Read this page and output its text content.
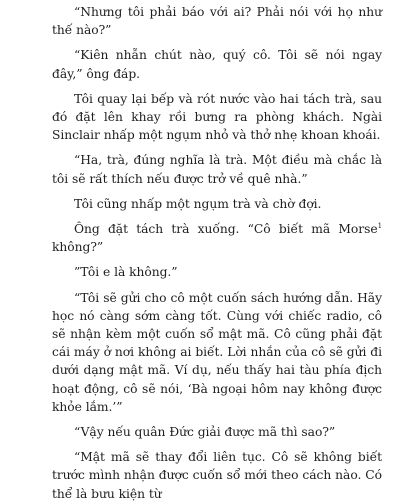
“Nhưng tôi phải báo với ai? Phải nói với họ như thế nào?”

“Kiên nhẫn chút nào, quý cô. Tôi sẽ nói ngay đây,” ông đáp.

Tôi quay lại bếp và rót nước vào hai tách trà, sau đó đặt lên khay rồi bưng ra phòng khách. Ngài Sinclair nhấp một ngụm nhỏ và thở nhẹ khoan khoái.

“Ha, trà, đúng nghĩa là trà. Một điều mà chắc là tôi sẽ rất thích nếu được trở về quê nhà.”

Tôi cũng nhấp một ngụm trà và chờ đợi.

Ông đặt tách trà xuống. “Cô biết mã Morse$^1$ không?”

”Tôi e là không.”

“Tôi sẽ gửi cho cô một cuốn sách hướng dẫn. Hãy học nó càng sớm càng tốt. Cùng với chiếc radio, cô sẽ nhận kèm một cuốn sổ mật mã. Cô cũng phải đặt cái máy ở nơi không ai biết. Lời nhắn của cô sẽ gửi đi dưới dạng mật mã. Ví dụ, nếu thấy hai tàu phía địch hoạt động, cô sẽ nói, ‘Bà ngoại hôm nay không được khỏe lắm.’”

“Vậy nếu quân Đức giải được mã thì sao?”

“Mật mã sẽ thay đổi liên tục. Cô sẽ không biết trước mình nhận được cuốn sổ mới theo cách nào. Có thể là bưu kiện từ
